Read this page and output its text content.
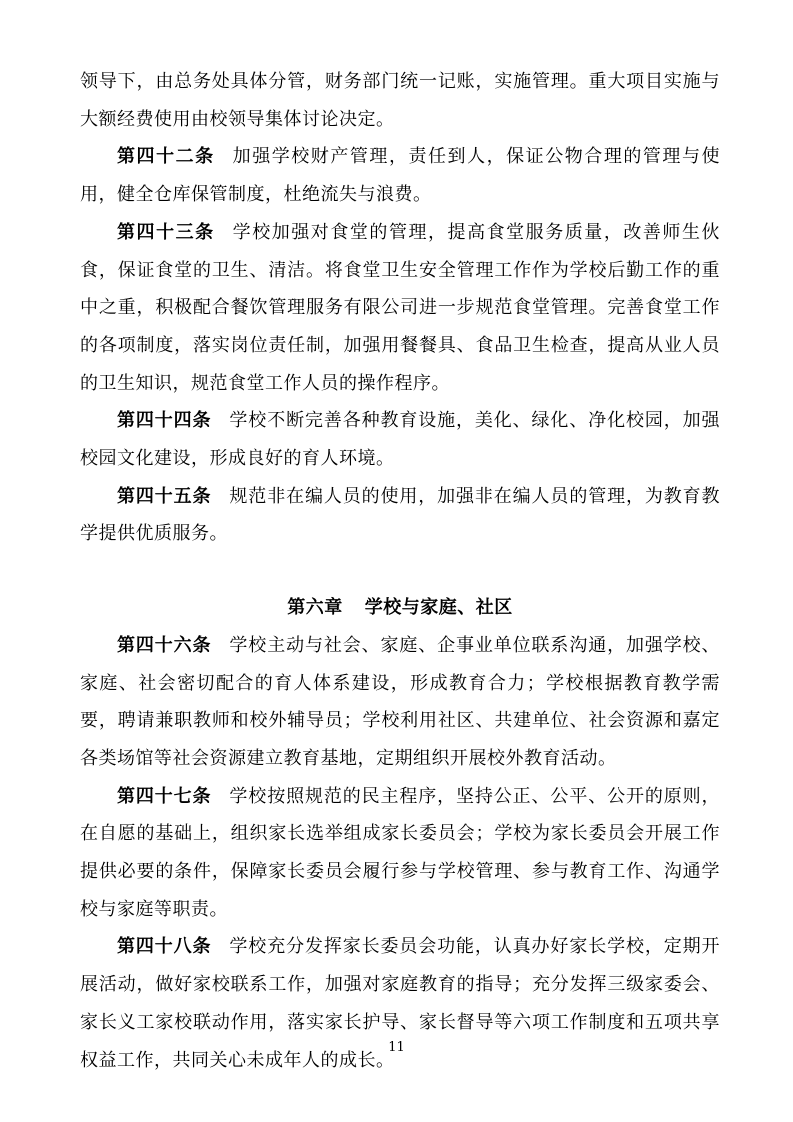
领导下，由总务处具体分管，财务部门统一记账，实施管理。重大项目实施与大额经费使用由校领导集体讨论决定。

第四十二条 加强学校财产管理，责任到人，保证公物合理的管理与使用，健全仓库保管制度，杜绝流失与浪费。

第四十三条 学校加强对食堂的管理，提高食堂服务质量，改善师生伙食，保证食堂的卫生、清洁。将食堂卫生安全管理工作作为学校后勤工作的重中之重，积极配合餐饮管理服务有限公司进一步规范食堂管理。完善食堂工作的各项制度，落实岗位责任制，加强用餐餐具、食品卫生检查，提高从业人员的卫生知识，规范食堂工作人员的操作程序。

第四十四条 学校不断完善各种教育设施，美化、绿化、净化校园，加强校园文化建设，形成良好的育人环境。

第四十五条 规范非在编人员的使用，加强非在编人员的管理，为教育教学提供优质服务。

第六章 学校与家庭、社区

第四十六条 学校主动与社会、家庭、企事业单位联系沟通，加强学校、家庭、社会密切配合的育人体系建设，形成教育合力；学校根据教育教学需要，聘请兼职教师和校外辅导员；学校利用社区、共建单位、社会资源和嘉定各类场馆等社会资源建立教育基地，定期组织开展校外教育活动。

第四十七条 学校按照规范的民主程序，坚持公正、公平、公开的原则，在自愿的基础上，组织家长选举组成家长委员会；学校为家长委员会开展工作提供必要的条件，保障家长委员会履行参与学校管理、参与教育工作、沟通学校与家庭等职责。

第四十八条 学校充分发挥家长委员会功能，认真办好家长学校，定期开展活动，做好家校联系工作，加强对家庭教育的指导；充分发挥三级家委会、家长义工家校联动作用，落实家长护导、家长督导等六项工作制度和五项共享权益工作，共同关心未成年人的成长。

11
